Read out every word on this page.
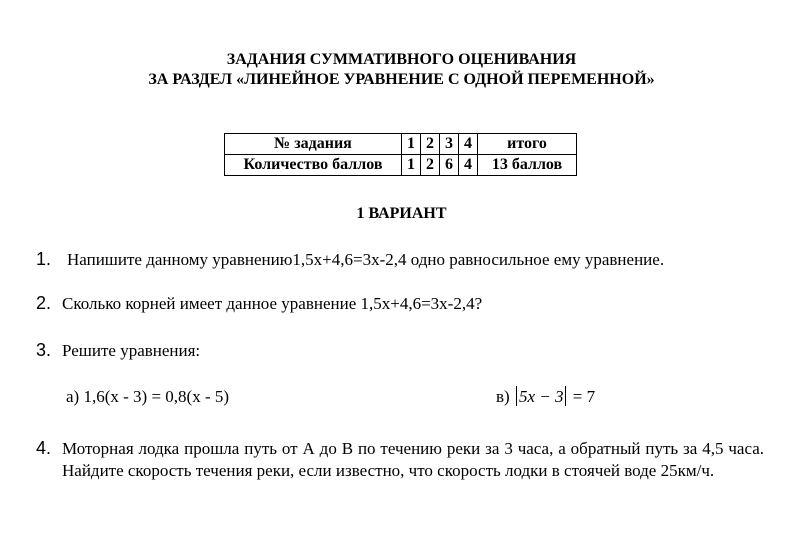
ЗАДАНИЯ СУММАТИВНОГО ОЦЕНИВАНИЯ
ЗА РАЗДЕЛ «ЛИНЕЙНОЕ УРАВНЕНИЕ С ОДНОЙ ПЕРЕМЕННОЙ»
№ задания	1	2	3	4	итого
Количество баллов	1	2	6	4	13 баллов
1 ВАРИАНТ
1. Напишите данному уравнению1,5х+4,6=3х-2,4 одно равносильное ему уравнение.
2. Сколько корней имеет данное уравнение 1,5х+4,6=3х-2,4?
3. Решите уравнения:
а) 1,6(х - 3) = 0,8(х - 5)	в) 5x − 3 = 7
4. Моторная лодка прошла путь от А до В по течению реки за 3 часа, а обратный путь за 4,5 часа. Найдите скорость течения реки, если известно, что скорость лодки в стоячей воде 25км/ч.
